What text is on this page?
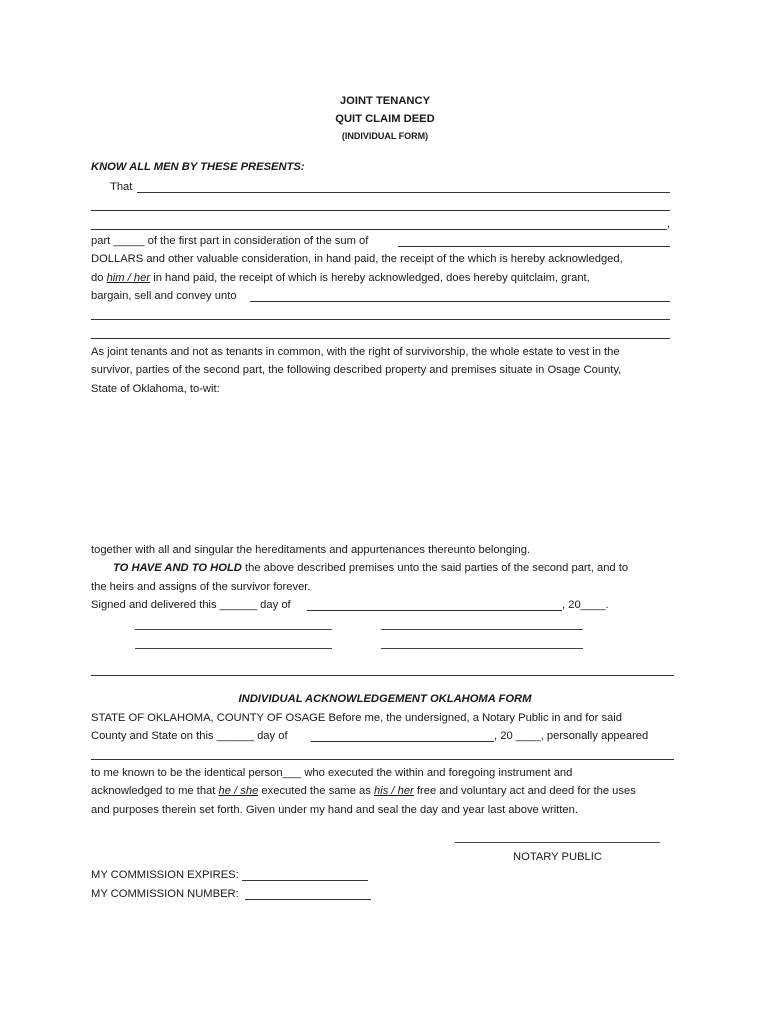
JOINT TENANCY
QUIT CLAIM DEED
(INDIVIDUAL FORM)
KNOW ALL MEN BY THESE PRESENTS:
That
,
part _____ of the first part in consideration of the sum of
DOLLARS and other valuable consideration, in hand paid, the receipt of the which is hereby acknowledged,
do him / her in hand paid, the receipt of which is hereby acknowledged, does hereby quitclaim, grant,
bargain, sell and convey unto
As joint tenants and not as tenants in common, with the right of survivorship, the whole estate to vest in the
survivor, parties of the second part, the following described property and premises situate in Osage County,
State of Oklahoma, to-wit:
together with all and singular the hereditaments and appurtenances thereunto belonging.
TO HAVE AND TO HOLD the above described premises unto the said parties of the second part, and to
the heirs and assigns of the survivor forever.
Signed and delivered this ______ day of	, 20____.
INDIVIDUAL ACKNOWLEDGEMENT OKLAHOMA FORM
STATE OF OKLAHOMA, COUNTY OF OSAGE Before me, the undersigned, a Notary Public in and for said
County and State on this ______ day of	, 20 ____, personally appeared
to me known to be the identical person___ who executed the within and foregoing instrument and
acknowledged to me that he / she executed the same as his / her free and voluntary act and deed for the uses
and purposes therein set forth. Given under my hand and seal the day and year last above written.
NOTARY PUBLIC
MY COMMISSION EXPIRES:
MY COMMISSION NUMBER:
